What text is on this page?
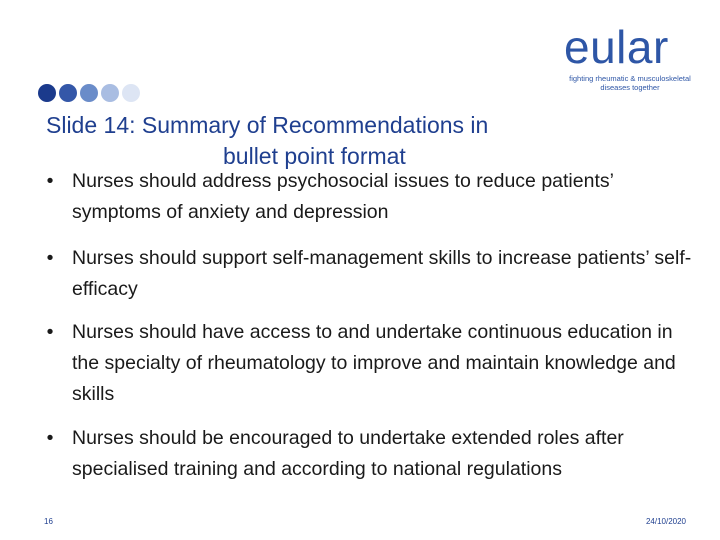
eular
fighting rheumatic & musculoskeletal
diseases together
Slide 14: Summary of Recommendations in
bullet point format
• Nurses should address psychosocial issues to reduce patients’ symptoms of anxiety and depression
• Nurses should support self-management skills to increase patients’ self-efficacy
• Nurses should have access to and undertake continuous education in the specialty of rheumatology to improve and maintain knowledge and skills
• Nurses should be encouraged to undertake extended roles after specialised training and according to national regulations
16	24/10/2020
